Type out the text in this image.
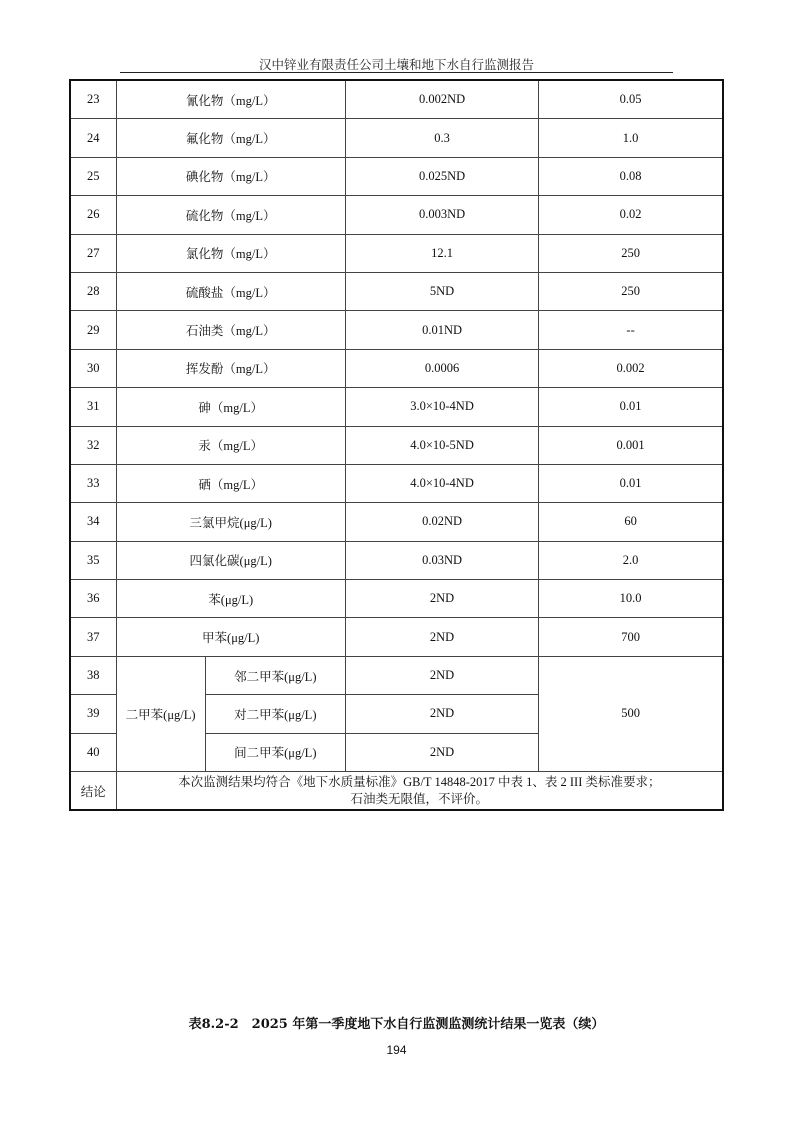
汉中锌业有限责任公司土壤和地下水自行监测报告
23	氰化物（mg/L）		0.002ND	0.05
24	氟化物（mg/L）		0.3	1.0
25	碘化物（mg/L）		0.025ND	0.08
26	硫化物（mg/L）		0.003ND	0.02
27	氯化物（mg/L）		12.1	250
28	硫酸盐（mg/L）		5ND	250
29	石油类（mg/L）		0.01ND	--
30	挥发酚（mg/L）		0.0006	0.002
31	砷（mg/L）		3.0×10-4ND	0.01
32	汞（mg/L）		4.0×10-5ND	0.001
33	硒（mg/L）		4.0×10-4ND	0.01
34	三氯甲烷(μg/L)		0.02ND	60
35	四氯化碳(μg/L)		0.03ND	2.0
36	苯(μg/L)		2ND	10.0
37	甲苯(μg/L)		2ND	700
38	二甲苯(μg/L)	邻二甲苯(μg/L)	2ND	500
39		对二甲苯(μg/L)	2ND	
40		间二甲苯(μg/L)	2ND	
结论	本次监测结果均符合《地下水质量标准》GB/T 14848-2017 中表 1、表 2 III 类标准要求；
石油类无限值，不评价。			
表8.2-2　2025 年第一季度地下水自行监测监测统计结果一览表（续）
194
